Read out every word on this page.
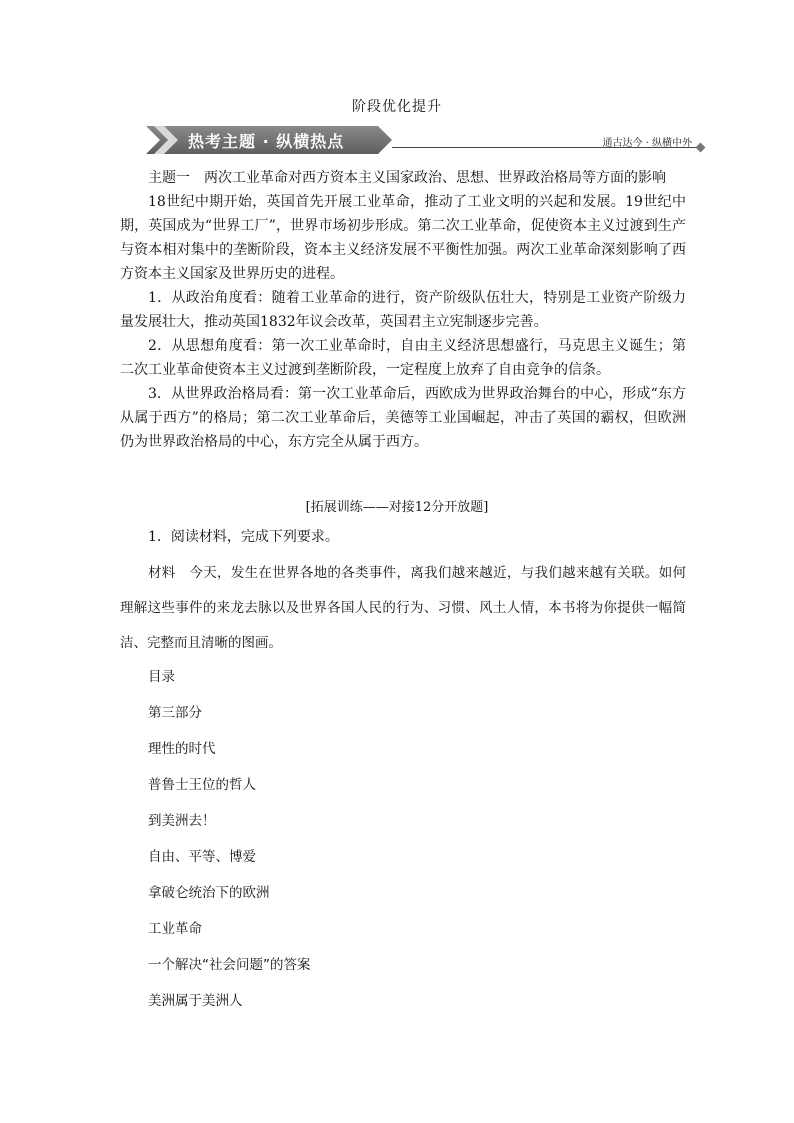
阶段优化提升
热考主题 · 纵横热点	通古达今 · 纵横中外

主题一　两次工业革命对西方资本主义国家政治、思想、世界政治格局等方面的影响

18世纪中期开始，英国首先开展工业革命，推动了工业文明的兴起和发展。19世纪中期，英国成为“世界工厂”，世界市场初步形成。第二次工业革命，促使资本主义过渡到生产与资本相对集中的垄断阶段，资本主义经济发展不平衡性加强。两次工业革命深刻影响了西方资本主义国家及世界历史的进程。

1．从政治角度看：随着工业革命的进行，资产阶级队伍壮大，特别是工业资产阶级力量发展壮大，推动英国1832年议会改革，英国君主立宪制逐步完善。

2．从思想角度看：第一次工业革命时，自由主义经济思想盛行，马克思主义诞生；第二次工业革命使资本主义过渡到垄断阶段，一定程度上放弃了自由竞争的信条。

3．从世界政治格局看：第一次工业革命后，西欧成为世界政治舞台的中心，形成“东方从属于西方”的格局；第二次工业革命后，美德等工业国崛起，冲击了英国的霸权，但欧洲仍为世界政治格局的中心，东方完全从属于西方。

[拓展训练——对接12分开放题]
1．阅读材料，完成下列要求。

材料　今天，发生在世界各地的各类事件，离我们越来越近，与我们越来越有关联。如何理解这些事件的来龙去脉以及世界各国人民的行为、习惯、风土人情，本书将为你提供一幅简洁、完整而且清晰的图画。

目录
第三部分
理性的时代
普鲁士王位的哲人
到美洲去！
自由、平等、博爱
拿破仑统治下的欧洲
工业革命
一个解决“社会问题”的答案
美洲属于美洲人
